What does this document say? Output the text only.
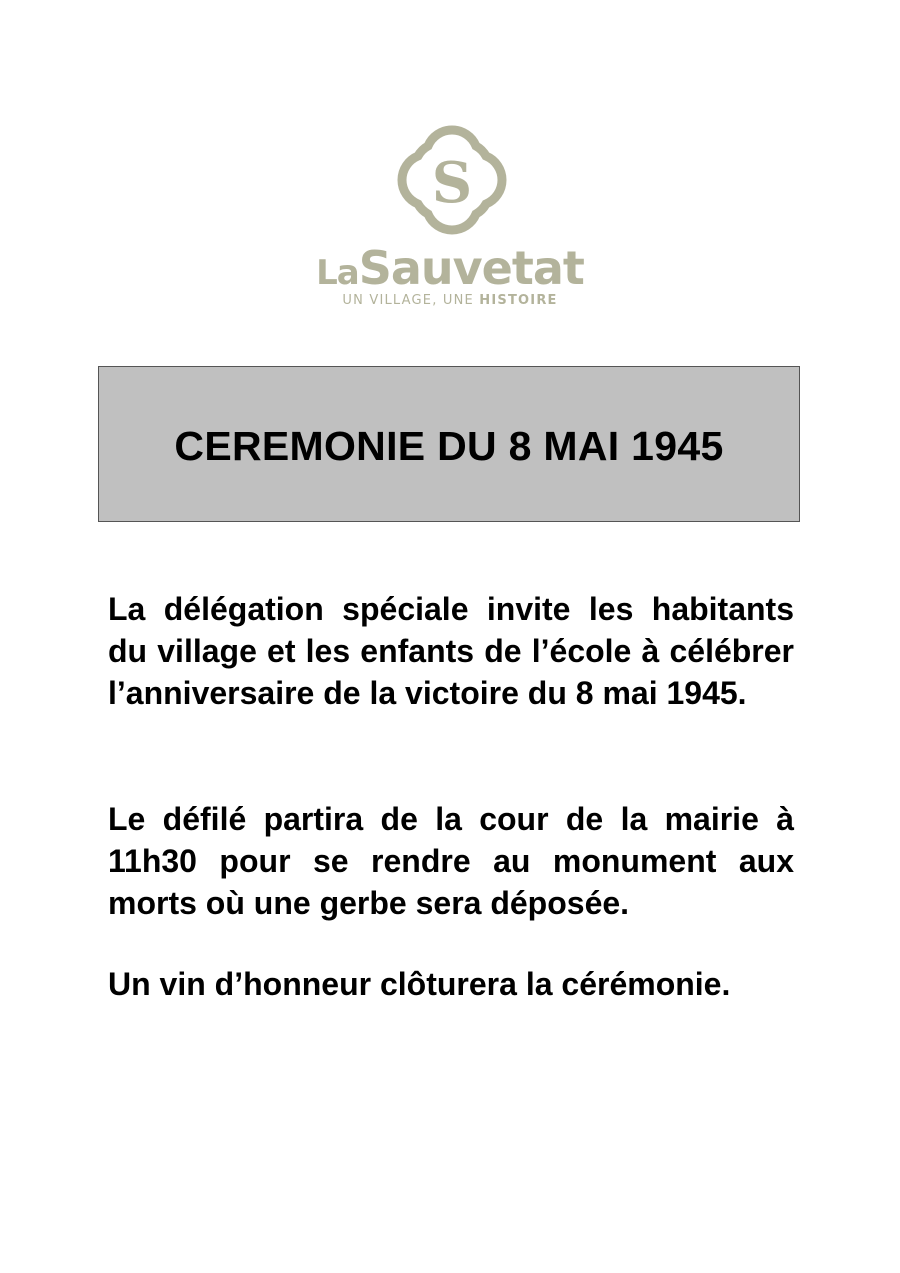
S
LaSauvetat
UN VILLAGE, UNE HISTOIRE
CEREMONIE DU 8 MAI 1945

La délégation spéciale invite les habitants du village et les enfants de l’école à célébrer l’anniversaire de la victoire du 8 mai 1945.

Le défilé partira de la cour de la mairie à 11h30 pour se rendre au monument aux morts où une gerbe sera déposée.

Un vin d’honneur clôturera la cérémonie.
